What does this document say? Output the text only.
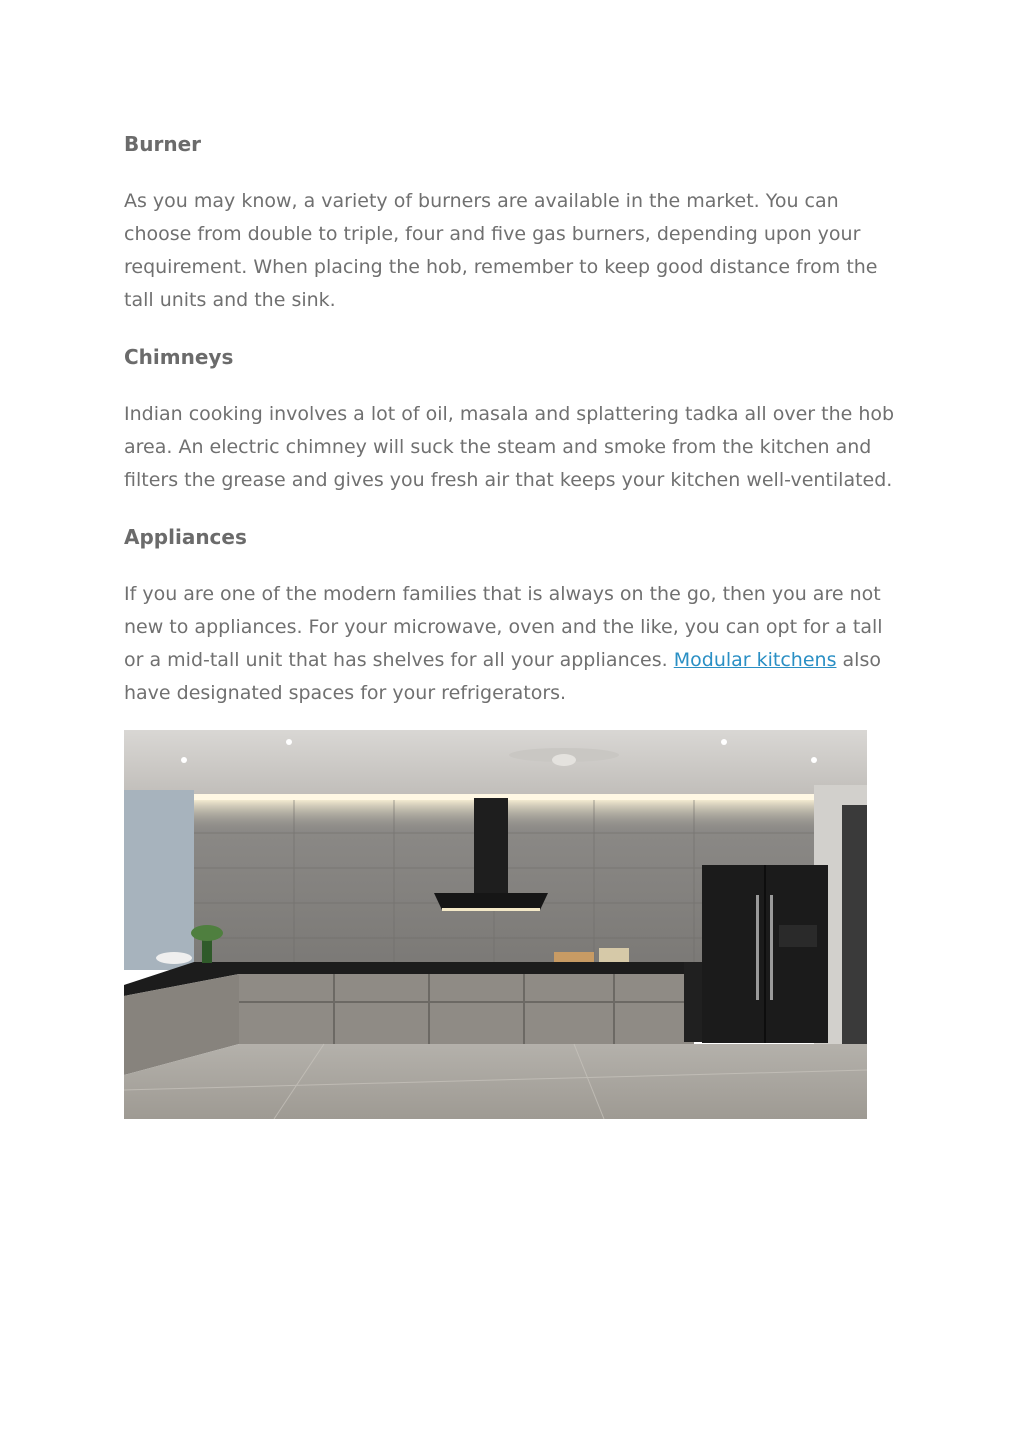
Burner

As you may know, a variety of burners are available in the market. You can choose from double to triple, four and five gas burners, depending upon your requirement. When placing the hob, remember to keep good distance from the tall units and the sink.

Chimneys

Indian cooking involves a lot of oil, masala and splattering tadka all over the hob area. An electric chimney will suck the steam and smoke from the kitchen and filters the grease and gives you fresh air that keeps your kitchen well-ventilated.

Appliances

If you are one of the modern families that is always on the go, then you are not new to appliances. For your microwave, oven and the like, you can opt for a tall or a mid-tall unit that has shelves for all your appliances. Modular kitchens also have designated spaces for your refrigerators.
